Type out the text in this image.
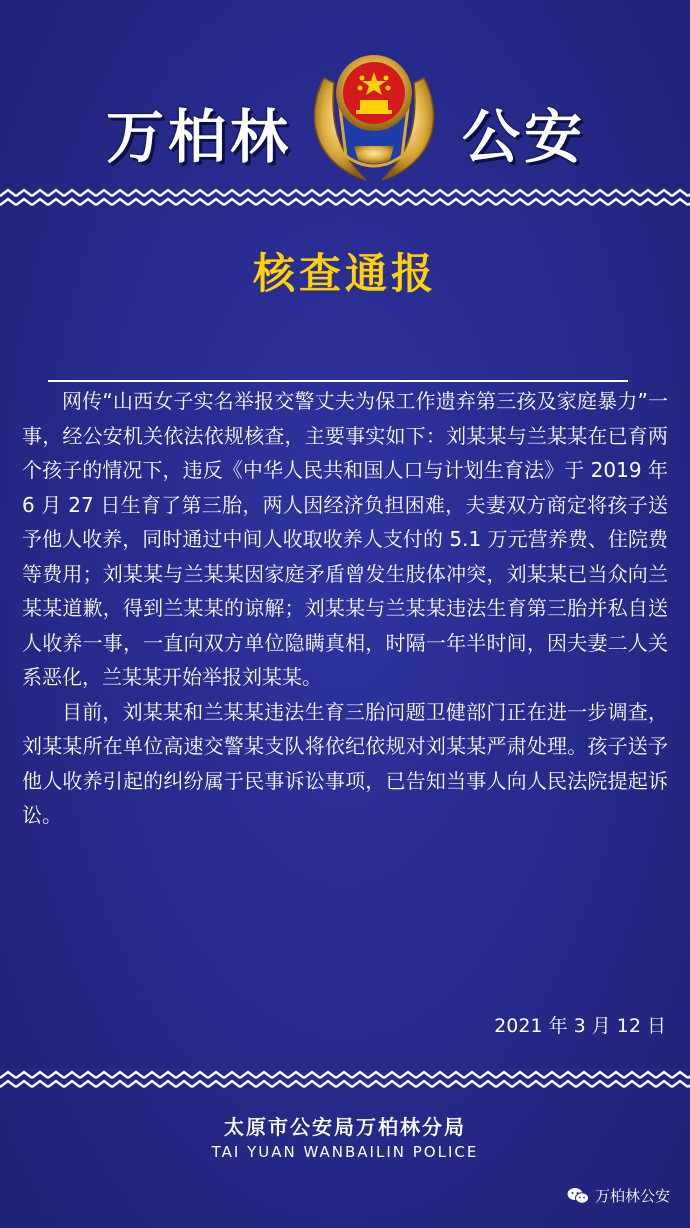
万柏林	公安
核查通报

网传“山西女子实名举报交警丈夫为保工作遗弃第三孩及家庭暴力”一事，经公安机关依法依规核查，主要事实如下：刘某某与兰某某在已育两个孩子的情况下，违反《中华人民共和国人口与计划生育法》于 2019 年 6 月 27 日生育了第三胎，两人因经济负担困难，夫妻双方商定将孩子送予他人收养，同时通过中间人收取收养人支付的 5.1 万元营养费、住院费等费用；刘某某与兰某某因家庭矛盾曾发生肢体冲突，刘某某已当众向兰某某道歉，得到兰某某的谅解；刘某某与兰某某违法生育第三胎并私自送人收养一事，一直向双方单位隐瞒真相，时隔一年半时间，因夫妻二人关系恶化，兰某某开始举报刘某某。

目前，刘某某和兰某某违法生育三胎问题卫健部门正在进一步调查，刘某某所在单位高速交警某支队将依纪依规对刘某某严肃处理。孩子送予他人收养引起的纠纷属于民事诉讼事项，已告知当事人向人民法院提起诉讼。

2021 年 3 月 12 日
太原市公安局万柏林分局
TAI YUAN WANBAILIN POLICE
万柏林公安
